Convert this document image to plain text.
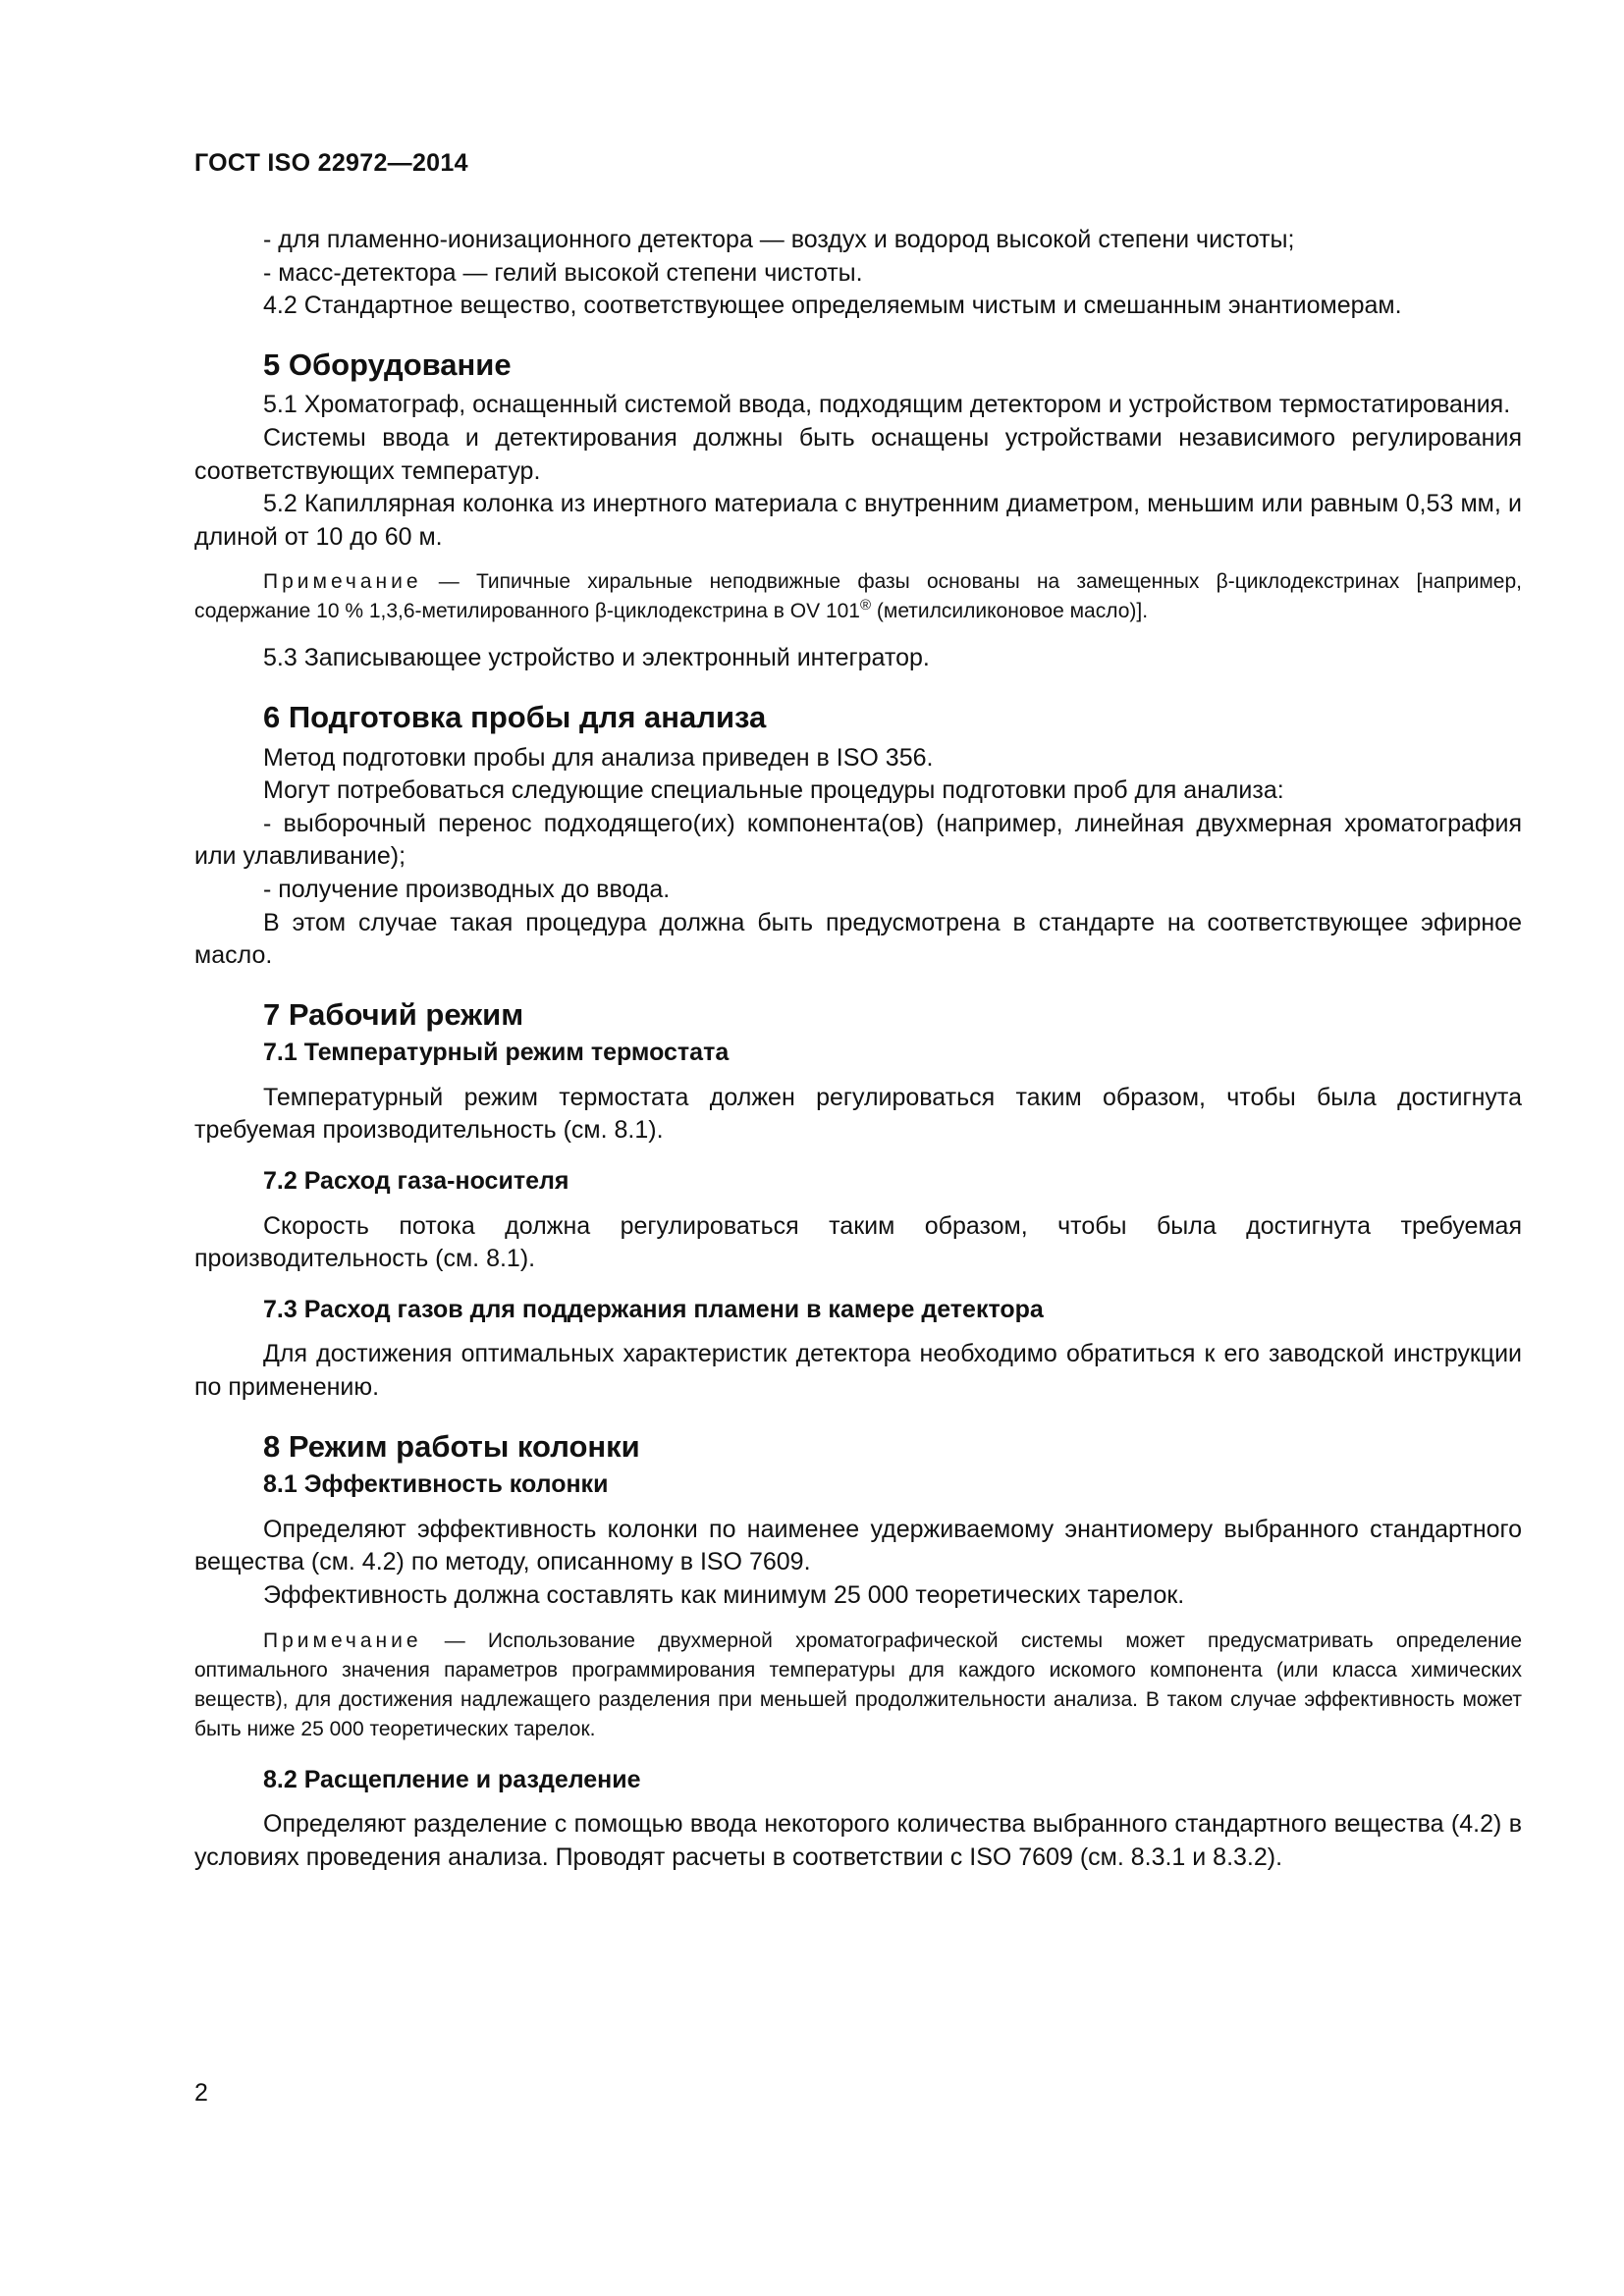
ГОСТ ISO 22972—2014

- для пламенно-ионизационного детектора — воздух и водород высокой степени чистоты;

- масс-детектора — гелий высокой степени чистоты.

4.2 Стандартное вещество, соответствующее определяемым чистым и смешанным энантиомерам.

5 Оборудование

5.1 Хроматограф, оснащенный системой ввода, подходящим детектором и устройством термостатирования.

Системы ввода и детектирования должны быть оснащены устройствами независимого регулирования соответствующих температур.

5.2 Капиллярная колонка из инертного материала с внутренним диаметром, меньшим или равным 0,53 мм, и длиной от 10 до 60 м.

Примечание — Типичные хиральные неподвижные фазы основаны на замещенных β-циклодекстринах [например, содержание 10 % 1,3,6-метилированного β-циклодекстрина в OV 101® (метилсиликоновое масло)].

5.3 Записывающее устройство и электронный интегратор.

6 Подготовка пробы для анализа

Метод подготовки пробы для анализа приведен в ISO 356.

Могут потребоваться следующие специальные процедуры подготовки проб для анализа:

- выборочный перенос подходящего(их) компонента(ов) (например, линейная двухмерная хроматография или улавливание);

- получение производных до ввода.

В этом случае такая процедура должна быть предусмотрена в стандарте на соответствующее эфирное масло.

7 Рабочий режим

7.1 Температурный режим термостата

Температурный режим термостата должен регулироваться таким образом, чтобы была достигнута требуемая производительность (см. 8.1).

7.2 Расход газа-носителя

Скорость потока должна регулироваться таким образом, чтобы была достигнута требуемая производительность (см. 8.1).

7.3 Расход газов для поддержания пламени в камере детектора

Для достижения оптимальных характеристик детектора необходимо обратиться к его заводской инструкции по применению.

8 Режим работы колонки

8.1 Эффективность колонки

Определяют эффективность колонки по наименее удерживаемому энантиомеру выбранного стандартного вещества (см. 4.2) по методу, описанному в ISO 7609.

Эффективность должна составлять как минимум 25 000 теоретических тарелок.

Примечание — Использование двухмерной хроматографической системы может предусматривать определение оптимального значения параметров программирования температуры для каждого искомого компонента (или класса химических веществ), для достижения надлежащего разделения при меньшей продолжительности анализа. В таком случае эффективность может быть ниже 25 000 теоретических тарелок.

8.2 Расщепление и разделение

Определяют разделение с помощью ввода некоторого количества выбранного стандартного вещества (4.2) в условиях проведения анализа. Проводят расчеты в соответствии с ISO 7609 (см. 8.3.1 и 8.3.2).

2
